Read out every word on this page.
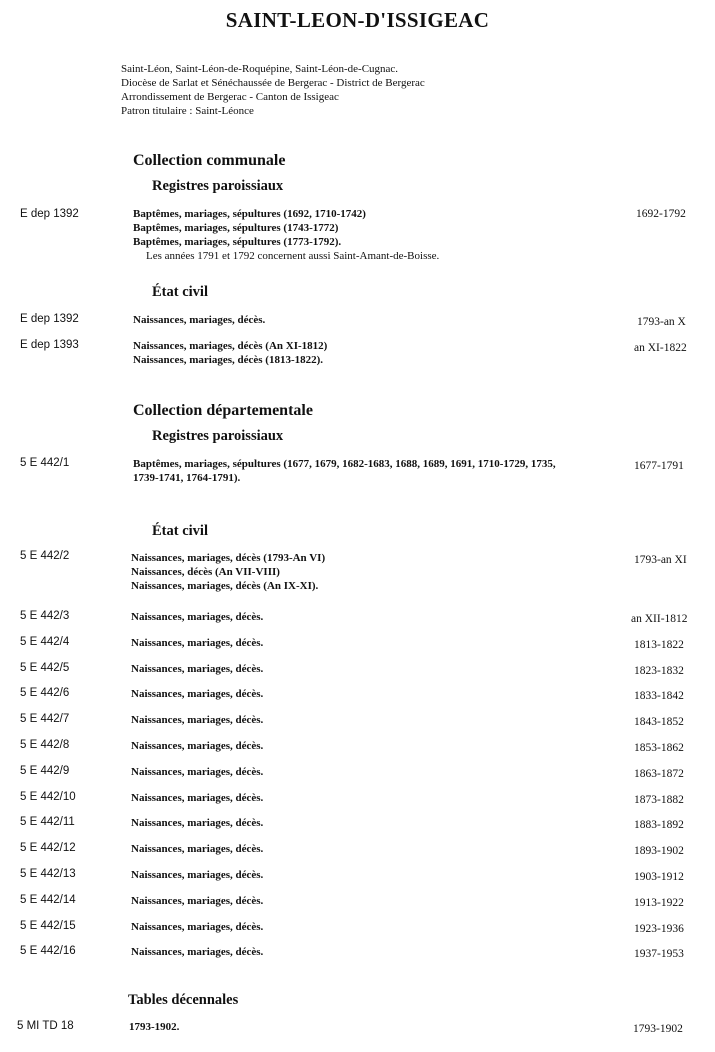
SAINT-LEON-D'ISSIGEAC
Saint-Léon, Saint-Léon-de-Roquépine, Saint-Léon-de-Cugnac.
Diocèse de Sarlat et Sénéchaussée de Bergerac - District de Bergerac
Arrondissement de Bergerac - Canton de Issigeac
Patron titulaire : Saint-Léonce
Collection communale
Registres paroissiaux
E dep 1392	Baptêmes, mariages, sépultures (1692, 1710-1742)
Baptêmes, mariages, sépultures (1743-1772)
Baptêmes, mariages, sépultures (1773-1792).
Les années 1791 et 1792 concernent aussi Saint-Amant-de-Boisse.
1692-1792
État civil
E dep 1392	Naissances, mariages, décès.	1793-an X
E dep 1393	Naissances, mariages, décès (An XI-1812)
Naissances, mariages, décès (1813-1822).
an XI-1822
Collection départementale
Registres paroissiaux
5 E 442/1	Baptêmes, mariages, sépultures (1677, 1679, 1682-1683, 1688, 1689, 1691, 1710-1729, 1735,
1739-1741, 1764-1791).
1677-1791
État civil
5 E 442/2	Naissances, mariages, décès (1793-An VI)
Naissances, décès (An VII-VIII)
Naissances, mariages, décès (An IX-XI).
1793-an XI
5 E 442/3	Naissances, mariages, décès.	an XII-1812
5 E 442/4	Naissances, mariages, décès.	1813-1822
5 E 442/5	Naissances, mariages, décès.	1823-1832
5 E 442/6	Naissances, mariages, décès.	1833-1842
5 E 442/7	Naissances, mariages, décès.	1843-1852
5 E 442/8	Naissances, mariages, décès.	1853-1862
5 E 442/9	Naissances, mariages, décès.	1863-1872
5 E 442/10	Naissances, mariages, décès.	1873-1882
5 E 442/11	Naissances, mariages, décès.	1883-1892
5 E 442/12	Naissances, mariages, décès.	1893-1902
5 E 442/13	Naissances, mariages, décès.	1903-1912
5 E 442/14	Naissances, mariages, décès.	1913-1922
5 E 442/15	Naissances, mariages, décès.	1923-1936
5 E 442/16	Naissances, mariages, décès.	1937-1953
Tables décennales
5 MI TD 18	1793-1902.	1793-1902
